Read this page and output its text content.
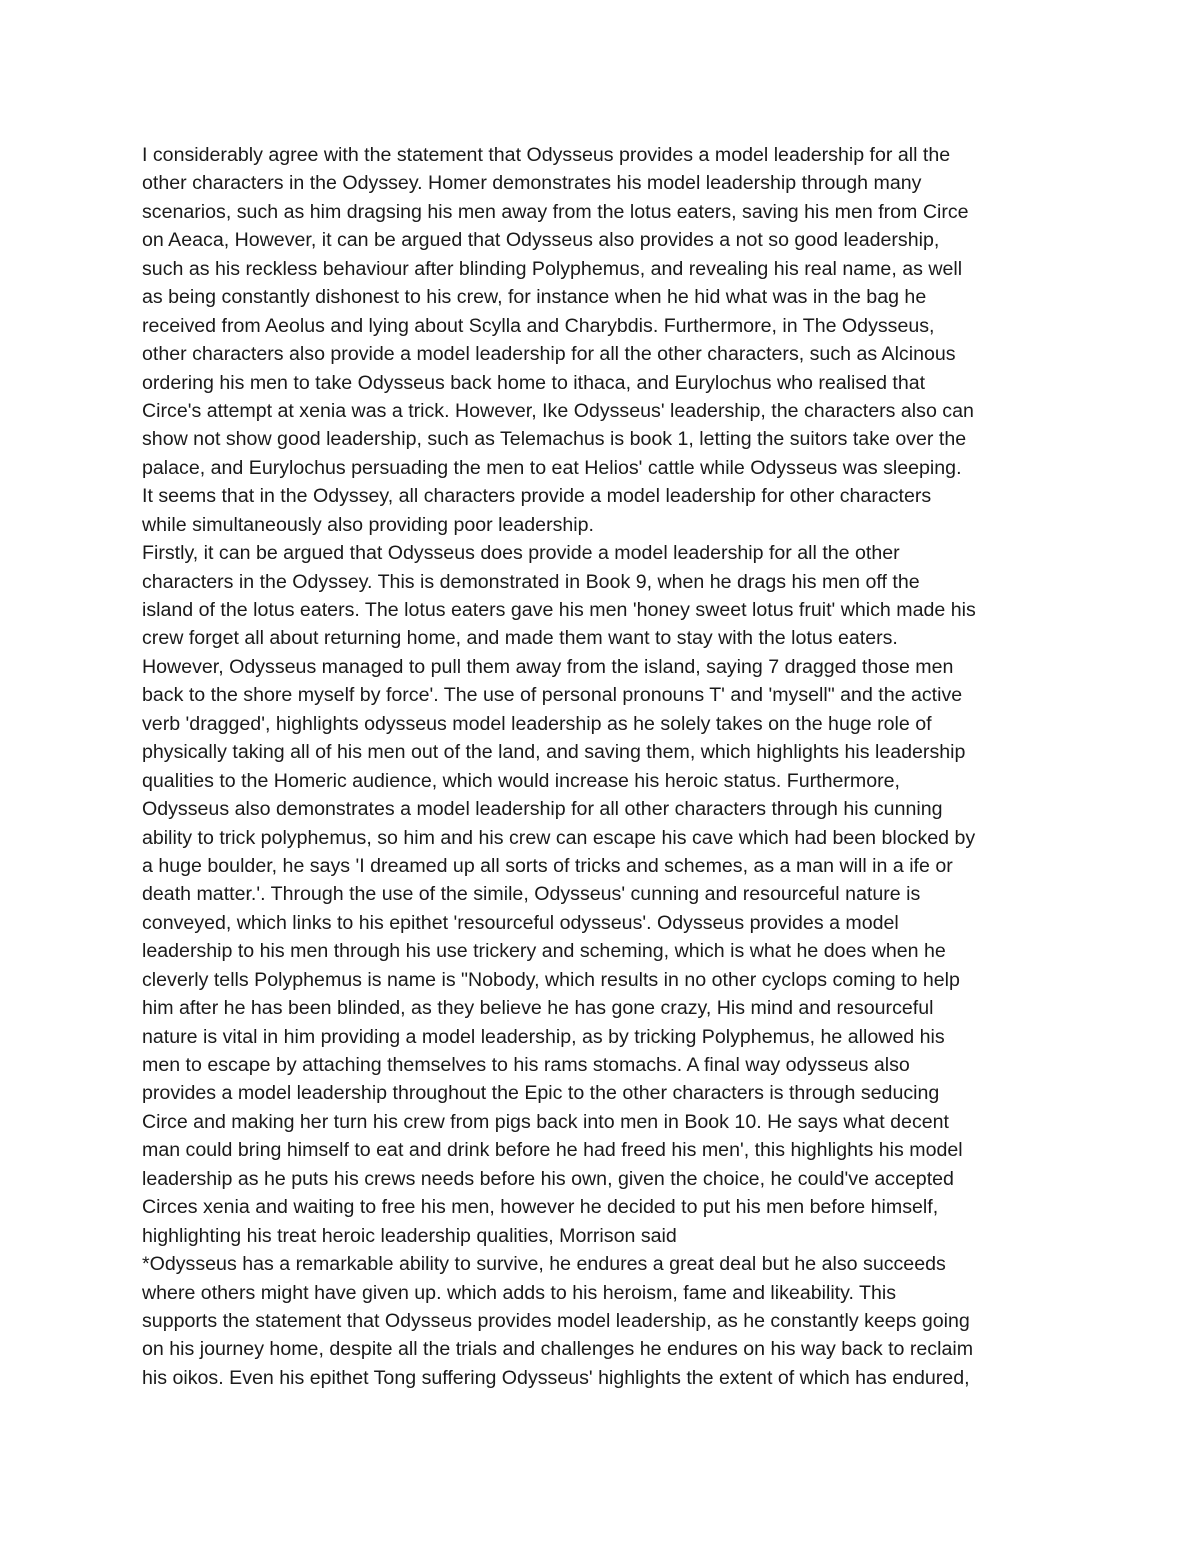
I considerably agree with the statement that Odysseus provides a model leadership for all the
other characters in the Odyssey. Homer demonstrates his model leadership through many
scenarios, such as him dragsing his men away from the lotus eaters, saving his men from Circe
on Aeaca, However, it can be argued that Odysseus also provides a not so good leadership,
such as his reckless behaviour after blinding Polyphemus, and revealing his real name, as well
as being constantly dishonest to his crew, for instance when he hid what was in the bag he
received from Aeolus and lying about Scylla and Charybdis. Furthermore, in The Odysseus,
other characters also provide a model leadership for all the other characters, such as Alcinous
ordering his men to take Odysseus back home to ithaca, and Eurylochus who realised that
Circe's attempt at xenia was a trick. However, Ike Odysseus' leadership, the characters also can
show not show good leadership, such as Telemachus is book 1, letting the suitors take over the
palace, and Eurylochus persuading the men to eat Helios' cattle while Odysseus was sleeping.
It seems that in the Odyssey, all characters provide a model leadership for other characters
while simultaneously also providing poor leadership.
Firstly, it can be argued that Odysseus does provide a model leadership for all the other
characters in the Odyssey. This is demonstrated in Book 9, when he drags his men off the
island of the lotus eaters. The lotus eaters gave his men 'honey sweet lotus fruit' which made his
crew forget all about returning home, and made them want to stay with the lotus eaters.
However, Odysseus managed to pull them away from the island, saying 7 dragged those men
back to the shore myself by force'. The use of personal pronouns T' and 'mysell" and the active
verb 'dragged', highlights odysseus model leadership as he solely takes on the huge role of
physically taking all of his men out of the land, and saving them, which highlights his leadership
qualities to the Homeric audience, which would increase his heroic status. Furthermore,
Odysseus also demonstrates a model leadership for all other characters through his cunning
ability to trick polyphemus, so him and his crew can escape his cave which had been blocked by
a huge boulder, he says 'I dreamed up all sorts of tricks and schemes, as a man will in a ife or
death matter.'. Through the use of the simile, Odysseus' cunning and resourceful nature is
conveyed, which links to his epithet 'resourceful odysseus'. Odysseus provides a model
leadership to his men through his use trickery and scheming, which is what he does when he
cleverly tells Polyphemus is name is "Nobody, which results in no other cyclops coming to help
him after he has been blinded, as they believe he has gone crazy, His mind and resourceful
nature is vital in him providing a model leadership, as by tricking Polyphemus, he allowed his
men to escape by attaching themselves to his rams stomachs. A final way odysseus also
provides a model leadership throughout the Epic to the other characters is through seducing
Circe and making her turn his crew from pigs back into men in Book 10. He says what decent
man could bring himself to eat and drink before he had freed his men', this highlights his model
leadership as he puts his crews needs before his own, given the choice, he could've accepted
Circes xenia and waiting to free his men, however he decided to put his men before himself,
highlighting his treat heroic leadership qualities, Morrison said
*Odysseus has a remarkable ability to survive, he endures a great deal but he also succeeds
where others might have given up. which adds to his heroism, fame and likeability. This
supports the statement that Odysseus provides model leadership, as he constantly keeps going
on his journey home, despite all the trials and challenges he endures on his way back to reclaim
his oikos. Even his epithet Tong suffering Odysseus' highlights the extent of which has endured,
